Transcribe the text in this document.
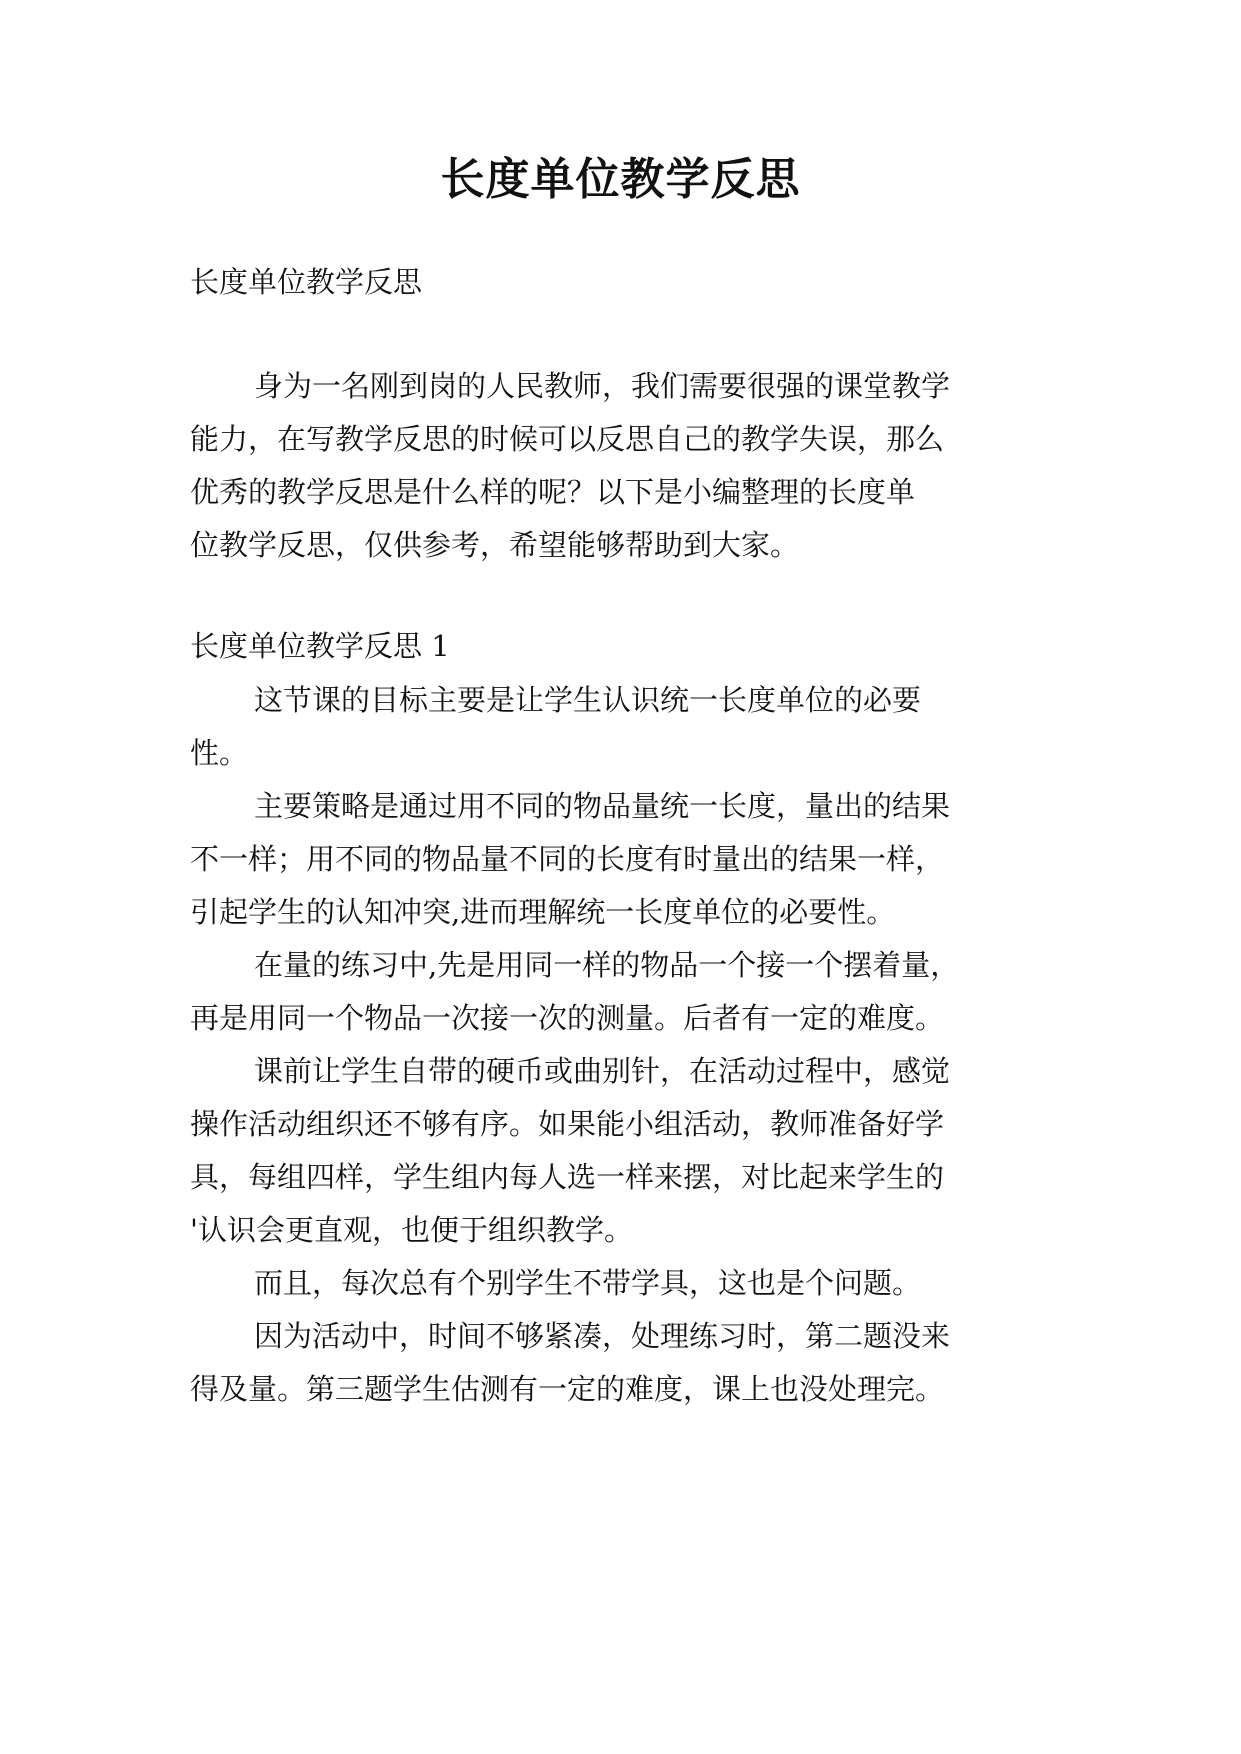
长度单位教学反思
长度单位教学反思
身为一名刚到岗的人民教师，我们需要很强的课堂教学
能力，在写教学反思的时候可以反思自己的教学失误，那么
优秀的教学反思是什么样的呢？以下是小编整理的长度单
位教学反思，仅供参考，希望能够帮助到大家。
长度单位教学反思 1
这节课的目标主要是让学生认识统一长度单位的必要
性。
主要策略是通过用不同的物品量统一长度，量出的结果
不一样；用不同的物品量不同的长度有时量出的结果一样，
引起学生的认知冲突,进而理解统一长度单位的必要性。
在量的练习中,先是用同一样的物品一个接一个摆着量，
再是用同一个物品一次接一次的测量。后者有一定的难度。
课前让学生自带的硬币或曲别针，在活动过程中，感觉
操作活动组织还不够有序。如果能小组活动，教师准备好学
具，每组四样，学生组内每人选一样来摆，对比起来学生的
'认识会更直观，也便于组织教学。
而且，每次总有个别学生不带学具，这也是个问题。
因为活动中，时间不够紧凑，处理练习时，第二题没来
得及量。第三题学生估测有一定的难度，课上也没处理完。
